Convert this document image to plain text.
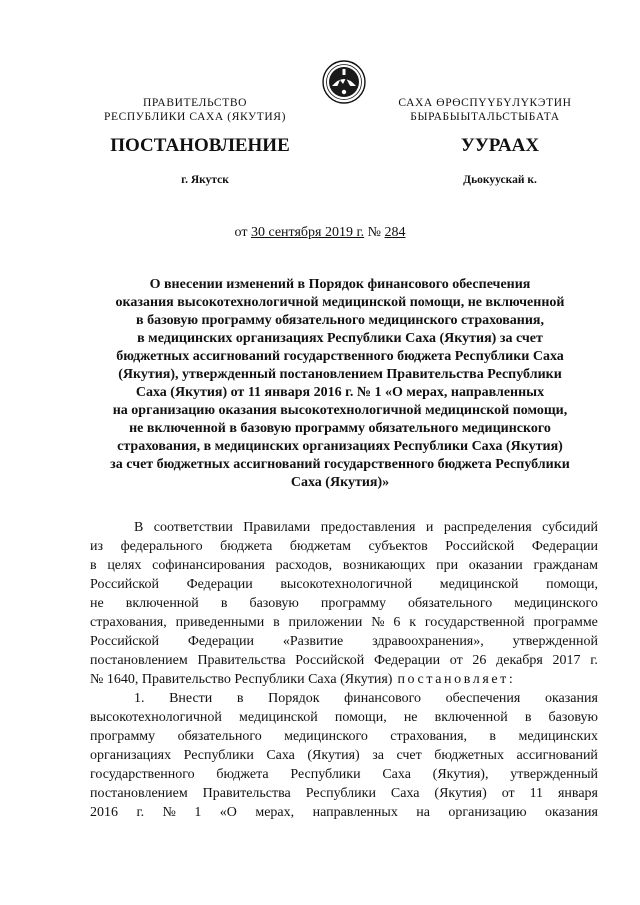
ПРАВИТЕЛЬСТВО
РЕСПУБЛИКИ САХА (ЯКУТИЯ)
САХА ӨРӨСПҮҮБҮЛҮКЭТИН
БЫРАБЫЫТАЛЬСТЫБАТА
ПОСТАНОВЛЕНИЕ	УУРААХ
г. Якутск	Дьокуускай к.
от 30 сентября 2019 г. № 284
О внесении изменений в Порядок финансового обеспечения
оказания высокотехнологичной медицинской помощи, не включенной
в базовую программу обязательного медицинского страхования,
в медицинских организациях Республики Саха (Якутия) за счет
бюджетных ассигнований государственного бюджета Республики Саха
(Якутия), утвержденный постановлением Правительства Республики
Саха (Якутия) от 11 января 2016 г. № 1 «О мерах, направленных
на организацию оказания высокотехнологичной медицинской помощи,
не включенной в базовую программу обязательного медицинского
страхования, в медицинских организациях Республики Саха (Якутия)
за счет бюджетных ассигнований государственного бюджета Республики
Саха (Якутия)»
В соответствии Правилами предоставления и распределения субсидий
из федерального бюджета бюджетам субъектов Российской Федерации
в целях софинансирования расходов, возникающих при оказании гражданам
Российской Федерации высокотехнологичной медицинской помощи,
не включенной в базовую программу обязательного медицинского
страхования, приведенными в приложении № 6 к государственной программе
Российской Федерации «Развитие здравоохранения», утвержденной
постановлением Правительства Российской Федерации от 26 декабря 2017 г.
№ 1640, Правительство Республики Саха (Якутия) постановляет:
1. Внести в Порядок финансового обеспечения оказания
высокотехнологичной медицинской помощи, не включенной в базовую
программу обязательного медицинского страхования, в медицинских
организациях Республики Саха (Якутия) за счет бюджетных ассигнований
государственного бюджета Республики Саха (Якутия), утвержденный
постановлением Правительства Республики Саха (Якутия) от 11 января
2016 г. № 1 «О мерах, направленных на организацию оказания
